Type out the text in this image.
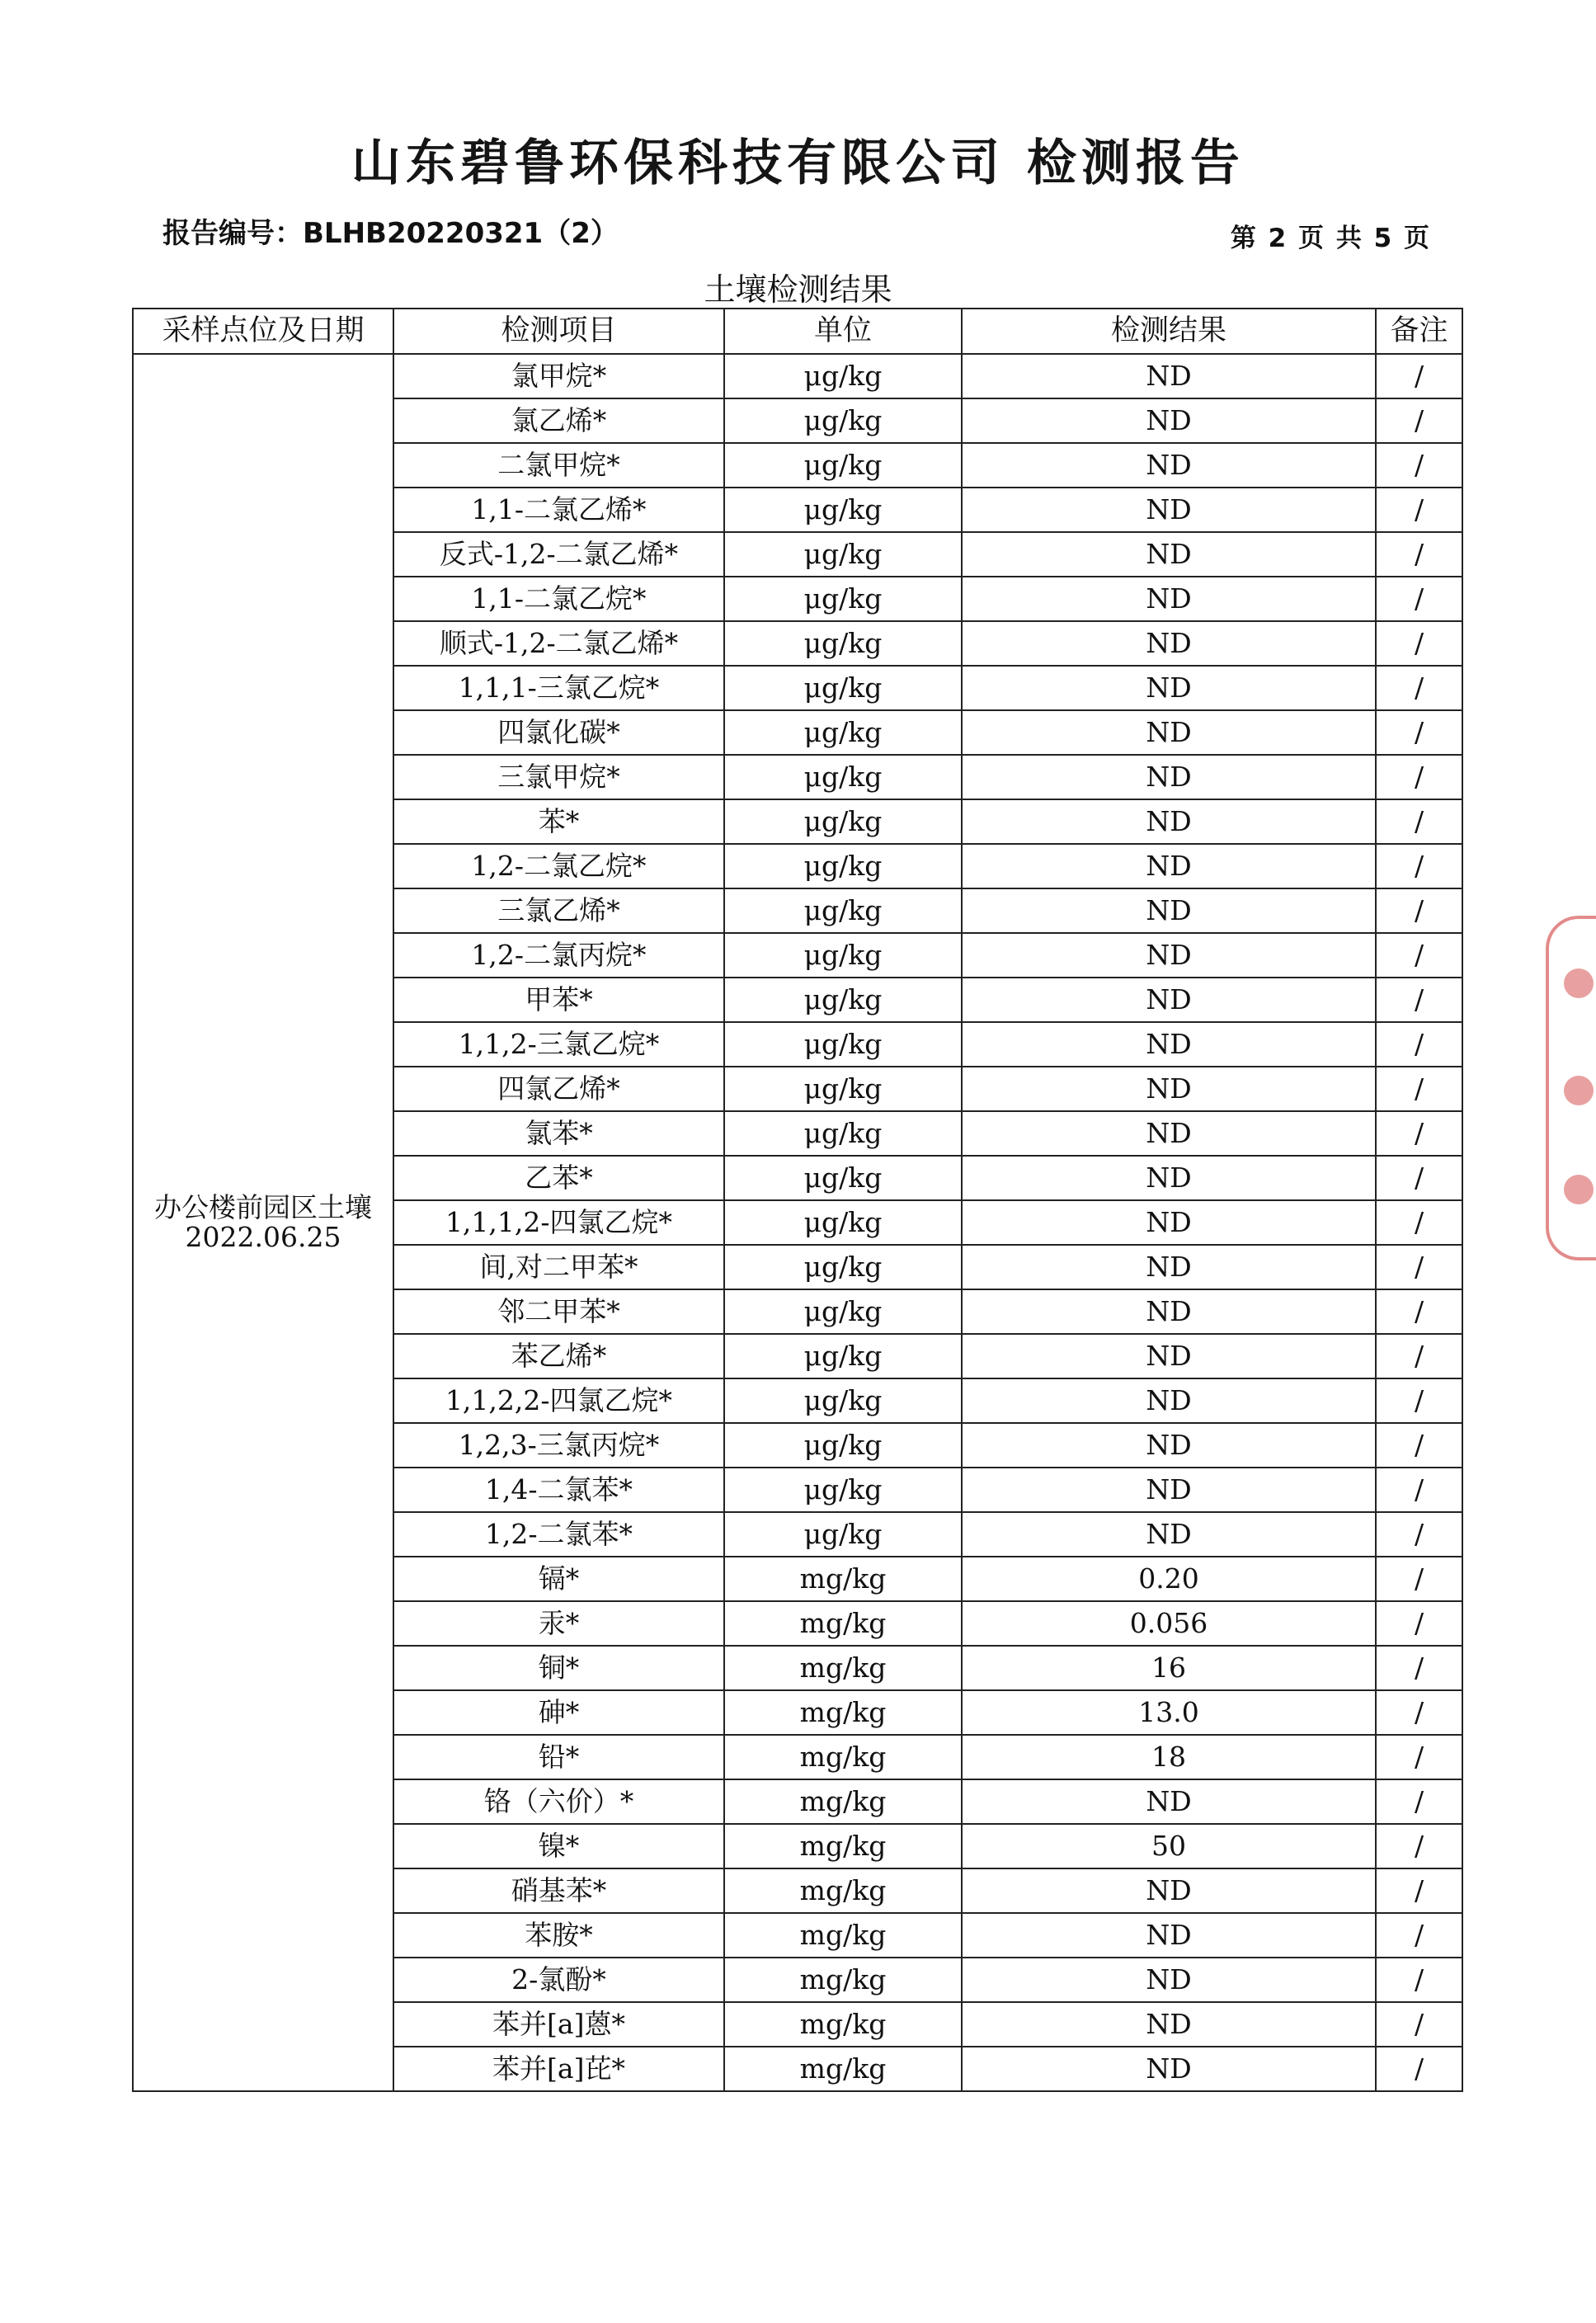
山东碧鲁环保科技有限公司 检测报告
报告编号：BLHB20220321（2）	第 2 页 共 5 页
土壤检测结果
采样点位及日期	检测项目	单位	检测结果	备注

办公楼前园区土壤
2022.06.25	氯甲烷*	μg/kg	ND	/
	氯乙烯*	μg/kg	ND	/
	二氯甲烷*	μg/kg	ND	/
	1,1-二氯乙烯*	μg/kg	ND	/
	反式-1,2-二氯乙烯*	μg/kg	ND	/
	1,1-二氯乙烷*	μg/kg	ND	/
	顺式-1,2-二氯乙烯*	μg/kg	ND	/
	1,1,1-三氯乙烷*	μg/kg	ND	/
	四氯化碳*	μg/kg	ND	/
	三氯甲烷*	μg/kg	ND	/
	苯*	μg/kg	ND	/
	1,2-二氯乙烷*	μg/kg	ND	/
	三氯乙烯*	μg/kg	ND	/
	1,2-二氯丙烷*	μg/kg	ND	/
	甲苯*	μg/kg	ND	/
	1,1,2-三氯乙烷*	μg/kg	ND	/
	四氯乙烯*	μg/kg	ND	/
	氯苯*	μg/kg	ND	/
	乙苯*	μg/kg	ND	/
	1,1,1,2-四氯乙烷*	μg/kg	ND	/
	间,对二甲苯*	μg/kg	ND	/
	邻二甲苯*	μg/kg	ND	/
	苯乙烯*	μg/kg	ND	/
	1,1,2,2-四氯乙烷*	μg/kg	ND	/
	1,2,3-三氯丙烷*	μg/kg	ND	/
	1,4-二氯苯*	μg/kg	ND	/
	1,2-二氯苯*	μg/kg	ND	/
	镉*	mg/kg	0.20	/
	汞*	mg/kg	0.056	/
	铜*	mg/kg	16	/
	砷*	mg/kg	13.0	/
	铅*	mg/kg	18	/
	铬（六价）*	mg/kg	ND	/
	镍*	mg/kg	50	/
	硝基苯*	mg/kg	ND	/
	苯胺*	mg/kg	ND	/
	2-氯酚*	mg/kg	ND	/
	苯并[a]蒽*	mg/kg	ND	/
	苯并[a]芘*	mg/kg	ND	/
